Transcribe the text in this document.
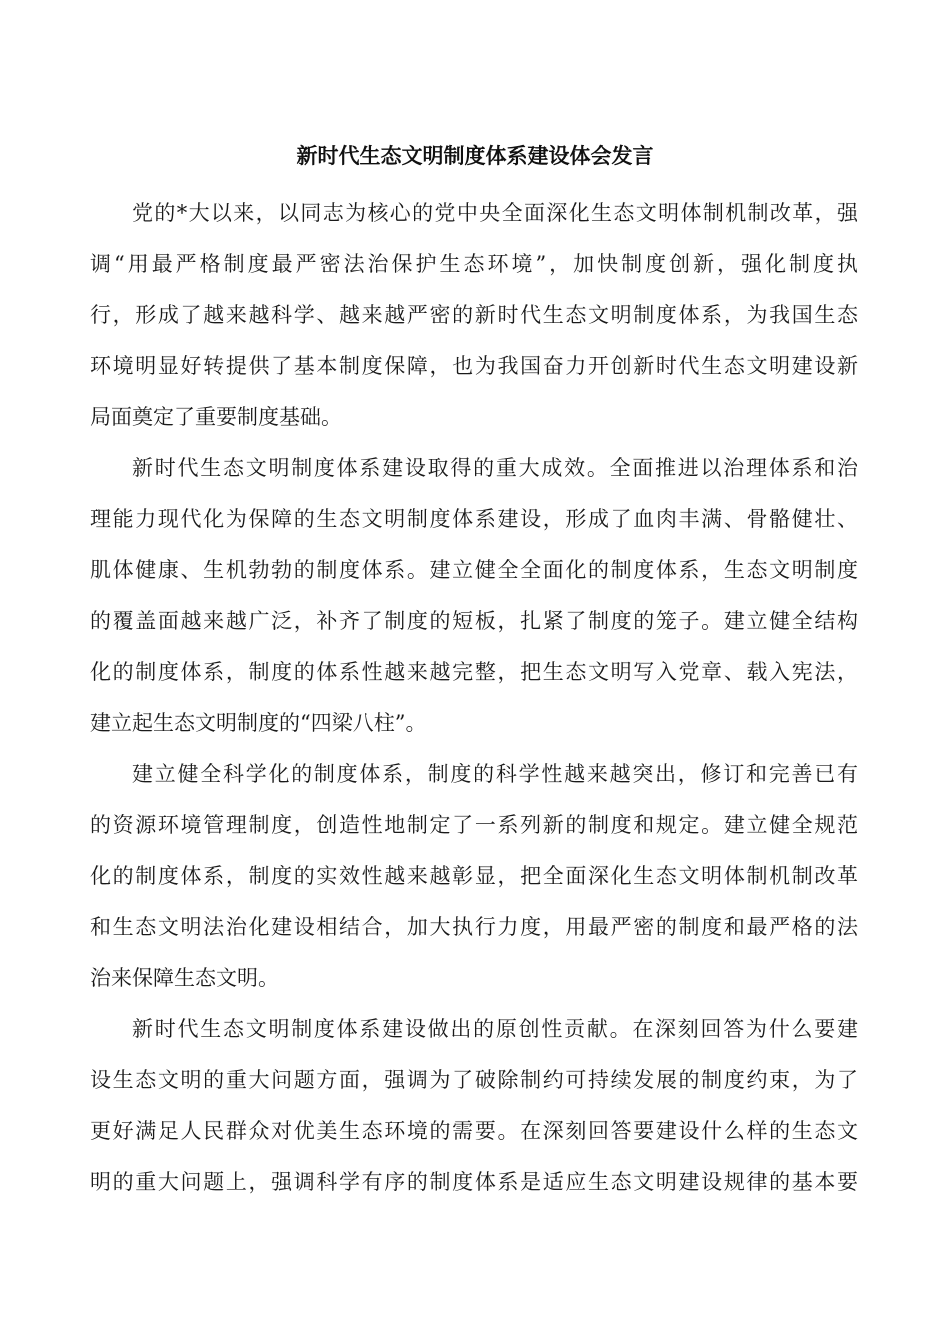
新时代生态文明制度体系建设体会发言
党的*大以来，以同志为核心的党中央全面深化生态文明体制机制改革，强
调“用最严格制度最严密法治保护生态环境”，加快制度创新，强化制度执
行，形成了越来越科学、越来越严密的新时代生态文明制度体系，为我国生态
环境明显好转提供了基本制度保障，也为我国奋力开创新时代生态文明建设新
局面奠定了重要制度基础。
新时代生态文明制度体系建设取得的重大成效。全面推进以治理体系和治
理能力现代化为保障的生态文明制度体系建设，形成了血肉丰满、骨骼健壮、
肌体健康、生机勃勃的制度体系。建立健全全面化的制度体系，生态文明制度
的覆盖面越来越广泛，补齐了制度的短板，扎紧了制度的笼子。建立健全结构
化的制度体系，制度的体系性越来越完整，把生态文明写入党章、载入宪法，
建立起生态文明制度的“四梁八柱”。
建立健全科学化的制度体系，制度的科学性越来越突出，修订和完善已有
的资源环境管理制度，创造性地制定了一系列新的制度和规定。建立健全规范
化的制度体系，制度的实效性越来越彰显，把全面深化生态文明体制机制改革
和生态文明法治化建设相结合，加大执行力度，用最严密的制度和最严格的法
治来保障生态文明。
新时代生态文明制度体系建设做出的原创性贡献。在深刻回答为什么要建
设生态文明的重大问题方面，强调为了破除制约可持续发展的制度约束，为了
更好满足人民群众对优美生态环境的需要。在深刻回答要建设什么样的生态文
明的重大问题上，强调科学有序的制度体系是适应生态文明建设规律的基本要
